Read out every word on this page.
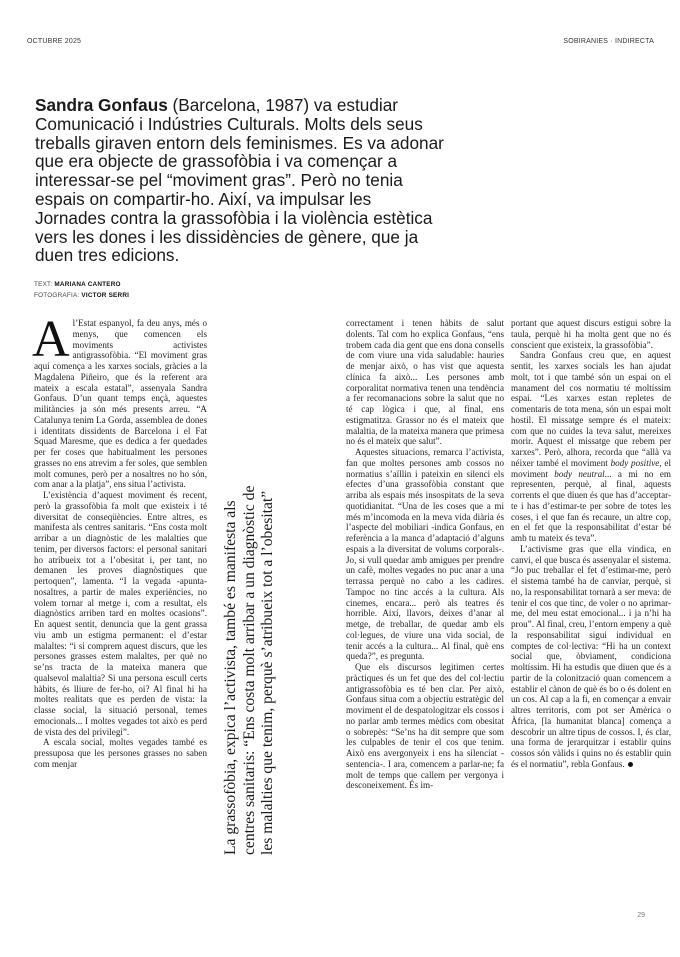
OCTUBRE 2025	SOBIRANIES · INDIRECTA
Sandra Gonfaus (Barcelona, 1987) va estudiar Comunicació i Indústries Culturals. Molts dels seus treballs giraven entorn dels feminismes. Es va adonar que era objecte de grassofòbia i va començar a interessar-se pel “moviment gras”. Però no tenia espais on compartir-ho. Així, va impulsar les Jornades contra la grassofòbia i la violència estètica vers les dones i les dissidències de gènere, que ja duen tres edicions.
TEXT: MARIANA CANTERO
FOTOGRAFIA: VICTOR SERRI

Al’Estat espanyol, fa deu anys, més o menys, que comencen els moviments activistes antigrassofòbia. “El moviment gras aquí comença a les xarxes socials, gràcies a la Magdalena Piñeiro, que és la referent ara mateix a escala estatal”, assenyala Sandra Gonfaus. D’un quant temps ençà, aquestes militàncies ja són més presents arreu. “A Catalunya tenim La Gorda, assemblea de dones i identitats dissidents de Barcelona i el Fat Squad Maresme, que es dedica a fer quedades per fer coses que habitualment les persones grasses no ens atrevim a fer soles, que semblen molt comunes, però per a nosaltres no ho són, com anar a la platja”, ens situa l’activista.

L’existència d’aquest moviment és recent, però la grassofòbia fa molt que existeix i té diversitat de conseqüències. Entre altres, es manifesta als centres sanitaris. “Ens costa molt arribar a un diagnòstic de les malalties que tenim, per diversos factors: el personal sanitari ho atribueix tot a l’obesitat i, per tant, no demanen les proves diagnòstiques que pertoquen”, lamenta. “I la vegada -apunta- nosaltres, a partir de males experiències, no volem tornar al metge i, com a resultat, els diagnòstics arriben tard en moltes ocasions”. En aquest sentit, denuncia que la gent grassa viu amb un estigma permanent: el d’estar malaltes: “i si comprem aquest discurs, que les persones grasses estem malaltes, per què no se’ns tracta de la mateixa manera que qualsevol malaltia? Si una persona escull certs hàbits, és lliure de fer-ho, oi? Al final hi ha moltes realitats que es perden de vista: la classe social, la situació personal, temes emocionals... I moltes vegades tot això es perd de vista des del privilegi”.

A escala social, moltes vegades també es pressuposa que les persones grasses no saben com menjar	La grassofòbia, expica l’activista, també es manifesta als centres sanitaris: “Ens costa molt arribar a un diagnòstic de les malalties que tenim, perquè s’atribueix tot a l’obesitat”

correctament i tenen hàbits de salut dolents. Tal com ho explica Gonfaus, “ens trobem cada dia gent que ens dona consells de com viure una vida saludable: hauries de menjar això, o has vist que aquesta clínica fa això... Les persones amb corporalitat normativa tenen una tendència a fer recomanacions sobre la salut que no té cap lògica i que, al final, ens estigmatitza. Grassor no és el mateix que malaltia, de la mateixa manera que primesa no és el mateix que salut”.

Aquestes situacions, remarca l’activista, fan que moltes persones amb cossos no normatius s’aïllin i pateixin en silenci els efectes d’una grassofòbia constant que arriba als espais més insospitats de la seva quotidianitat. “Una de les coses que a mi més m’incomoda en la meva vida diària és l’aspecte del mobiliari -indica Gonfaus, en referència a la manca d’adaptació d’alguns espais a la diversitat de volums corporals-. Jo, si vull quedar amb amigues per prendre un cafè, moltes vegades no puc anar a una terrassa perquè no cabo a les cadires. Tampoc no tinc accés a la cultura. Als cinemes, encara... però als teatres és horrible. Així, llavors, deixes d’anar al metge, de treballar, de quedar amb els col·legues, de viure una vida social, de tenir accés a la cultura... Al final, què ens queda?”, es pregunta.

Que els discursos legitimen certes pràctiques és un fet que des del col·lectiu antigrassofòbia es té ben clar. Per això, Gonfaus situa com a objectiu estratègic del moviment el de despatologitzar els cossos i no parlar amb termes mèdics com obesitat o sobrepès: “Se’ns ha dit sempre que som les culpables de tenir el cos que tenim. Això ens avergonyeix i ens ha silenciat -sentencia-. I ara, comencem a parlar-ne; fa molt de temps que callem per vergonya i desconeixement. És im-

portant que aquest discurs estigui sobre la taula, perquè hi ha molta gent que no és conscient que existeix, la grassofòbia”.

Sandra Gonfaus creu que, en aquest sentit, les xarxes socials les han ajudat molt, tot i que també són un espai on el manament del cos normatiu té moltíssim espai. “Les xarxes estan repletes de comentaris de tota mena, són un espai molt hostil. El missatge sempre és el mateix: com que no cuides la teva salut, mereixes morir. Aquest el missatge que rebem per xarxes”. Però, alhora, recorda que “allà va néixer també el moviment body positive, el moviment body neutral... a mi no em representen, perquè, al final, aquests corrents el que diuen és que has d’acceptar-te i has d’estimar-te per sobre de totes les coses, i el que fan és recaure, un altre cop, en el fet que la responsabilitat d’estar bé amb tu mateix és teva”.

L’activisme gras que ella vindica, en canvi, el que busca és assenyalar el sistema. “Jo puc treballar el fet d’estimar-me, però el sistema també ha de canviar, perquè, si no, la responsabilitat tornarà a ser meva: de tenir el cos que tinc, de voler o no aprimar-me, del meu estat emocional... i ja n’hi ha prou”. Al final, creu, l’entorn empeny a què la responsabilitat sigui individual en comptes de col·lectiva: “Hi ha un context social que, òbviament, condiciona moltíssim. Hi ha estudis que diuen que és a partir de la colonització quan comencem a establir el cànon de què és bo o és dolent en un cos. Al cap a la fi, en començar a envair altres territoris, com pot ser Amèrica o Àfrica, [la humanitat blanca] comença a descobrir un altre tipus de cossos. I, és clar, una forma de jerarquitzar i establir quins cossos són vàlids i quins no és establir quin és el normatiu”, rebla Gonfaus.

29
